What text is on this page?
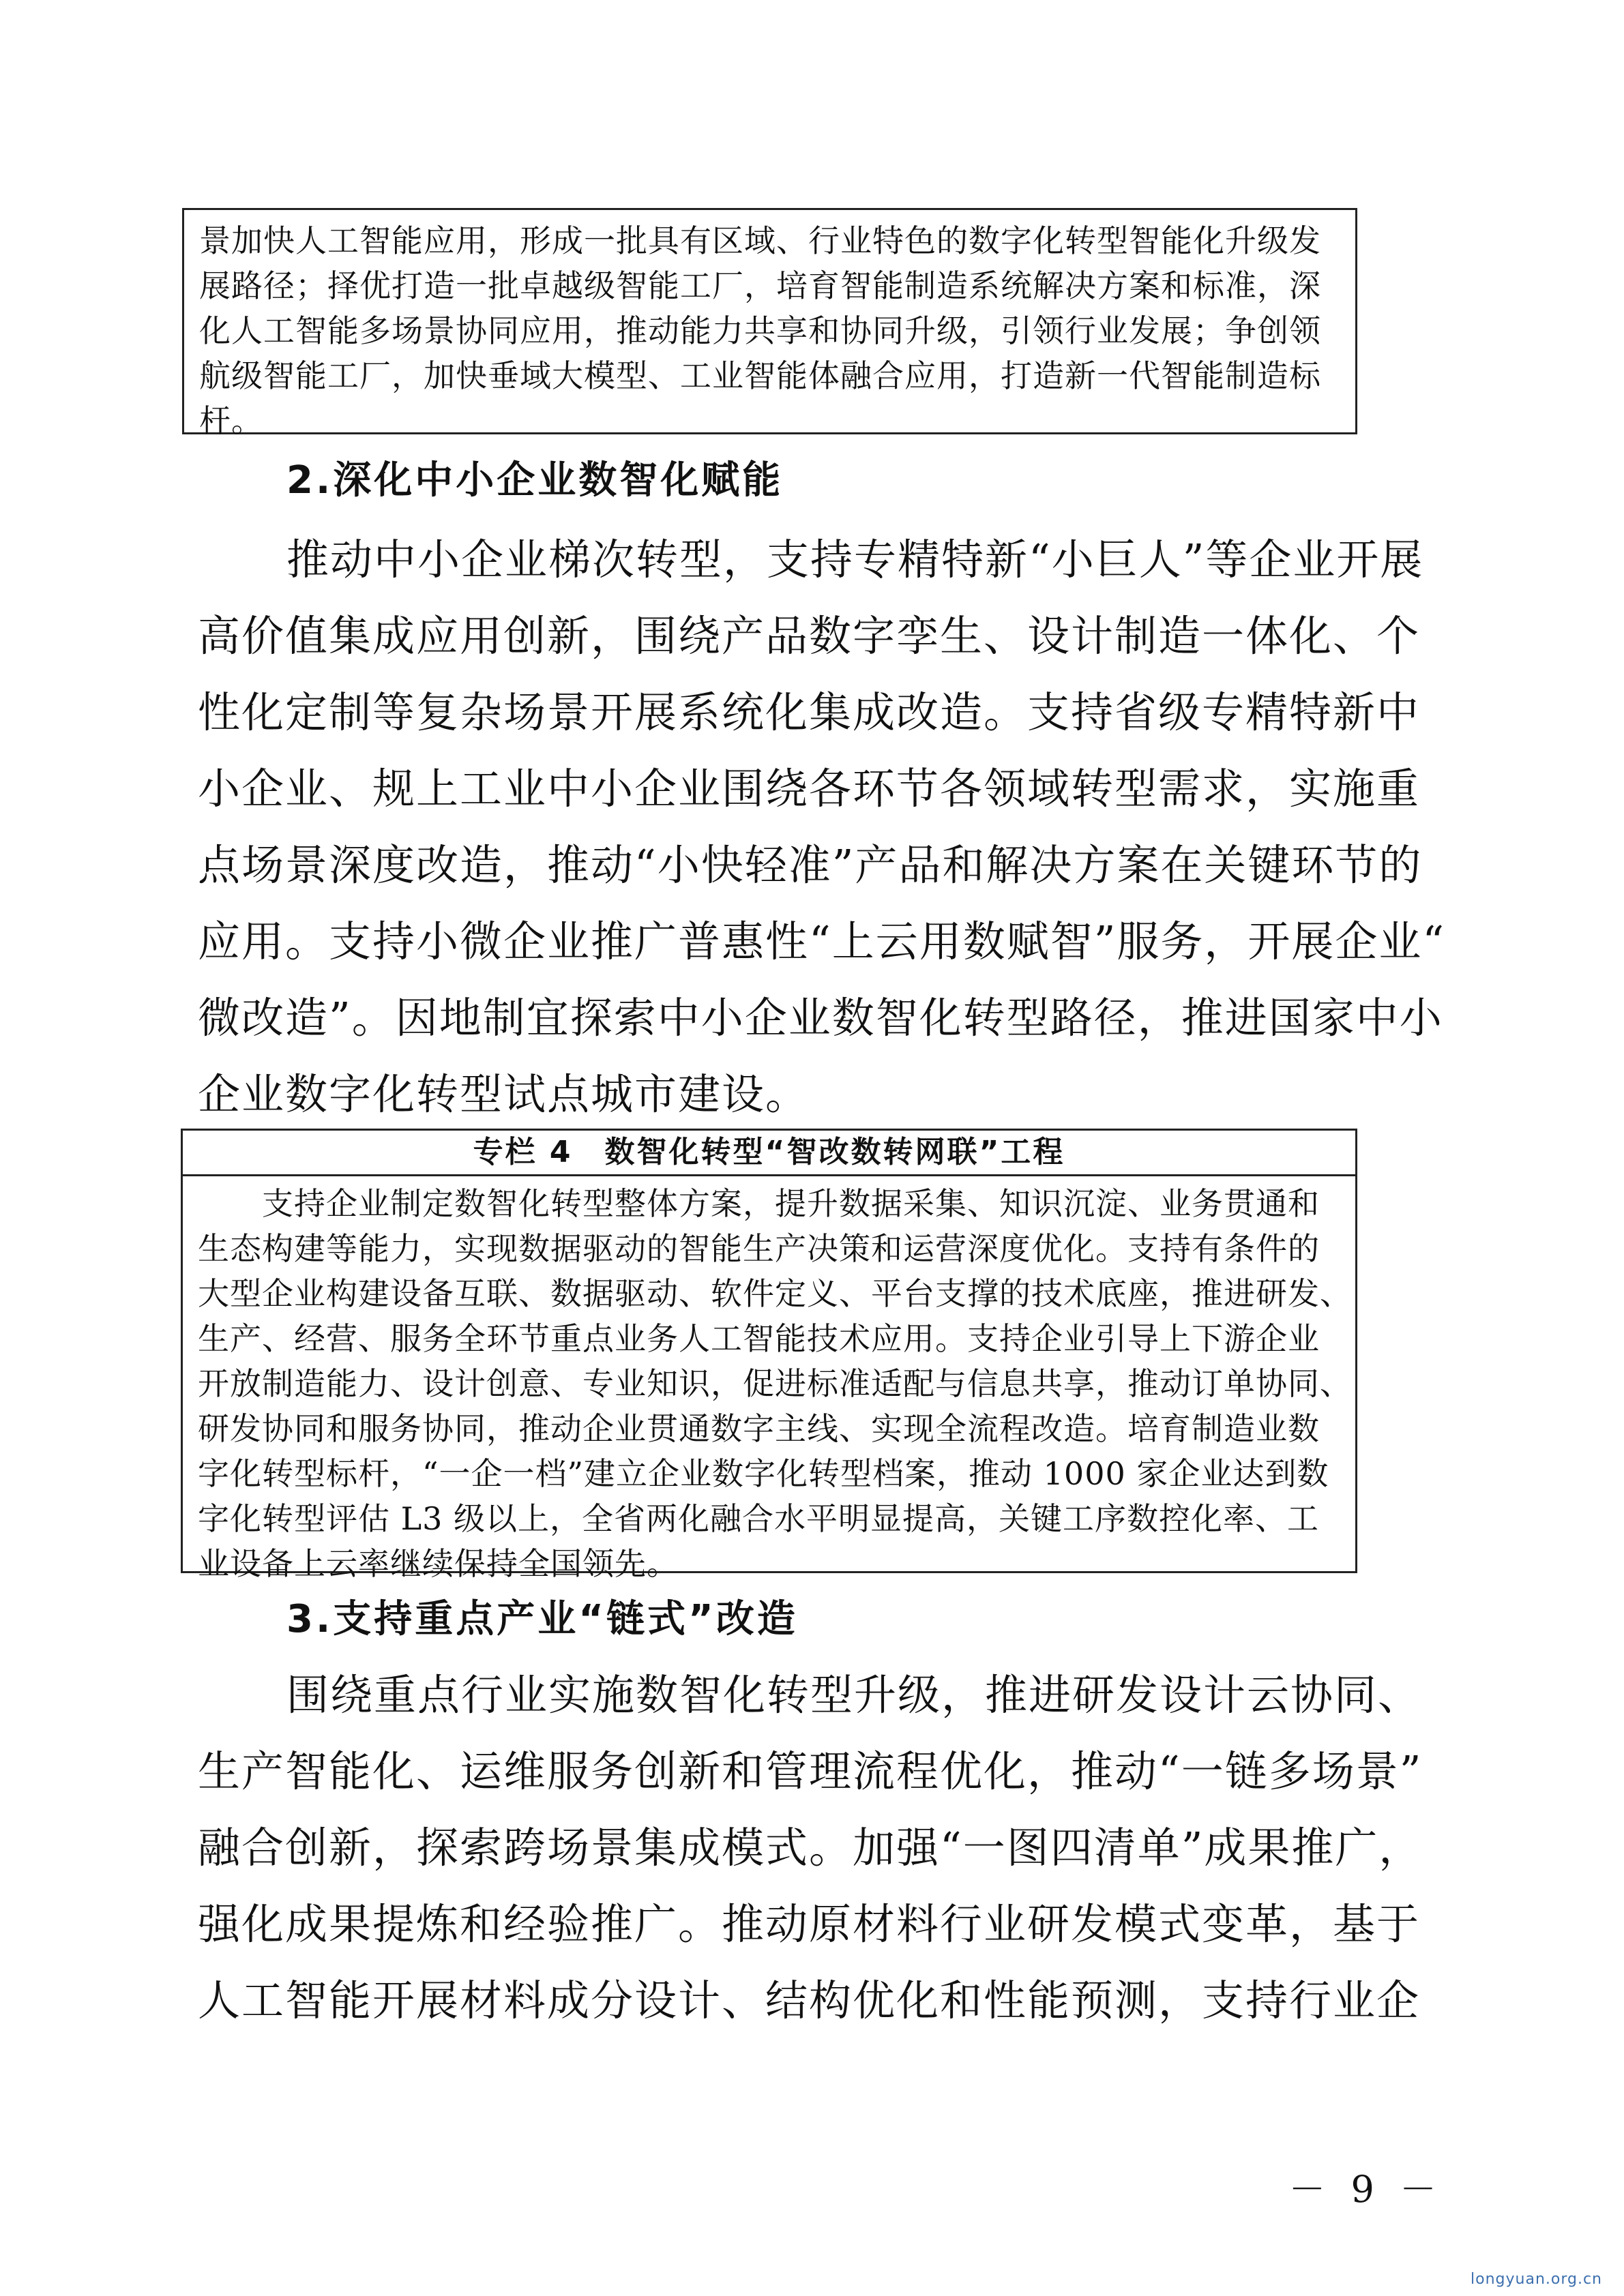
景加快人工智能应用，形成一批具有区域、行业特色的数字化转型智能化升级发
展路径；择优打造一批卓越级智能工厂，培育智能制造系统解决方案和标准，深
化人工智能多场景协同应用，推动能力共享和协同升级，引领行业发展；争创领
航级智能工厂，加快垂域大模型、工业智能体融合应用，打造新一代智能制造标
杆。
2.深化中小企业数智化赋能
推动中小企业梯次转型，支持专精特新“小巨人”等企业开展
高价值集成应用创新，围绕产品数字孪生、设计制造一体化、个
性化定制等复杂场景开展系统化集成改造。支持省级专精特新中
小企业、规上工业中小企业围绕各环节各领域转型需求，实施重
点场景深度改造，推动“小快轻准”产品和解决方案在关键环节的
应用。支持小微企业推广普惠性“上云用数赋智”服务，开展企业“
微改造”。因地制宜探索中小企业数智化转型路径，推进国家中小
企业数字化转型试点城市建设。
专栏 4　数智化转型“智改数转网联”工程
　　支持企业制定数智化转型整体方案，提升数据采集、知识沉淀、业务贯通和
生态构建等能力，实现数据驱动的智能生产决策和运营深度优化。支持有条件的
大型企业构建设备互联、数据驱动、软件定义、平台支撑的技术底座，推进研发、
生产、经营、服务全环节重点业务人工智能技术应用。支持企业引导上下游企业
开放制造能力、设计创意、专业知识，促进标准适配与信息共享，推动订单协同、
研发协同和服务协同，推动企业贯通数字主线、实现全流程改造。培育制造业数
字化转型标杆，“一企一档”建立企业数字化转型档案，推动 1000 家企业达到数
字化转型评估 L3 级以上，全省两化融合水平明显提高，关键工序数控化率、工
业设备上云率继续保持全国领先。
3.支持重点产业“链式”改造
围绕重点行业实施数智化转型升级，推进研发设计云协同、
生产智能化、运维服务创新和管理流程优化，推动“一链多场景”
融合创新，探索跨场景集成模式。加强“一图四清单”成果推广，
强化成果提炼和经验推广。推动原材料行业研发模式变革，基于
人工智能开展材料成分设计、结构优化和性能预测，支持行业企
－ 9 －
longyuan.org.cn
